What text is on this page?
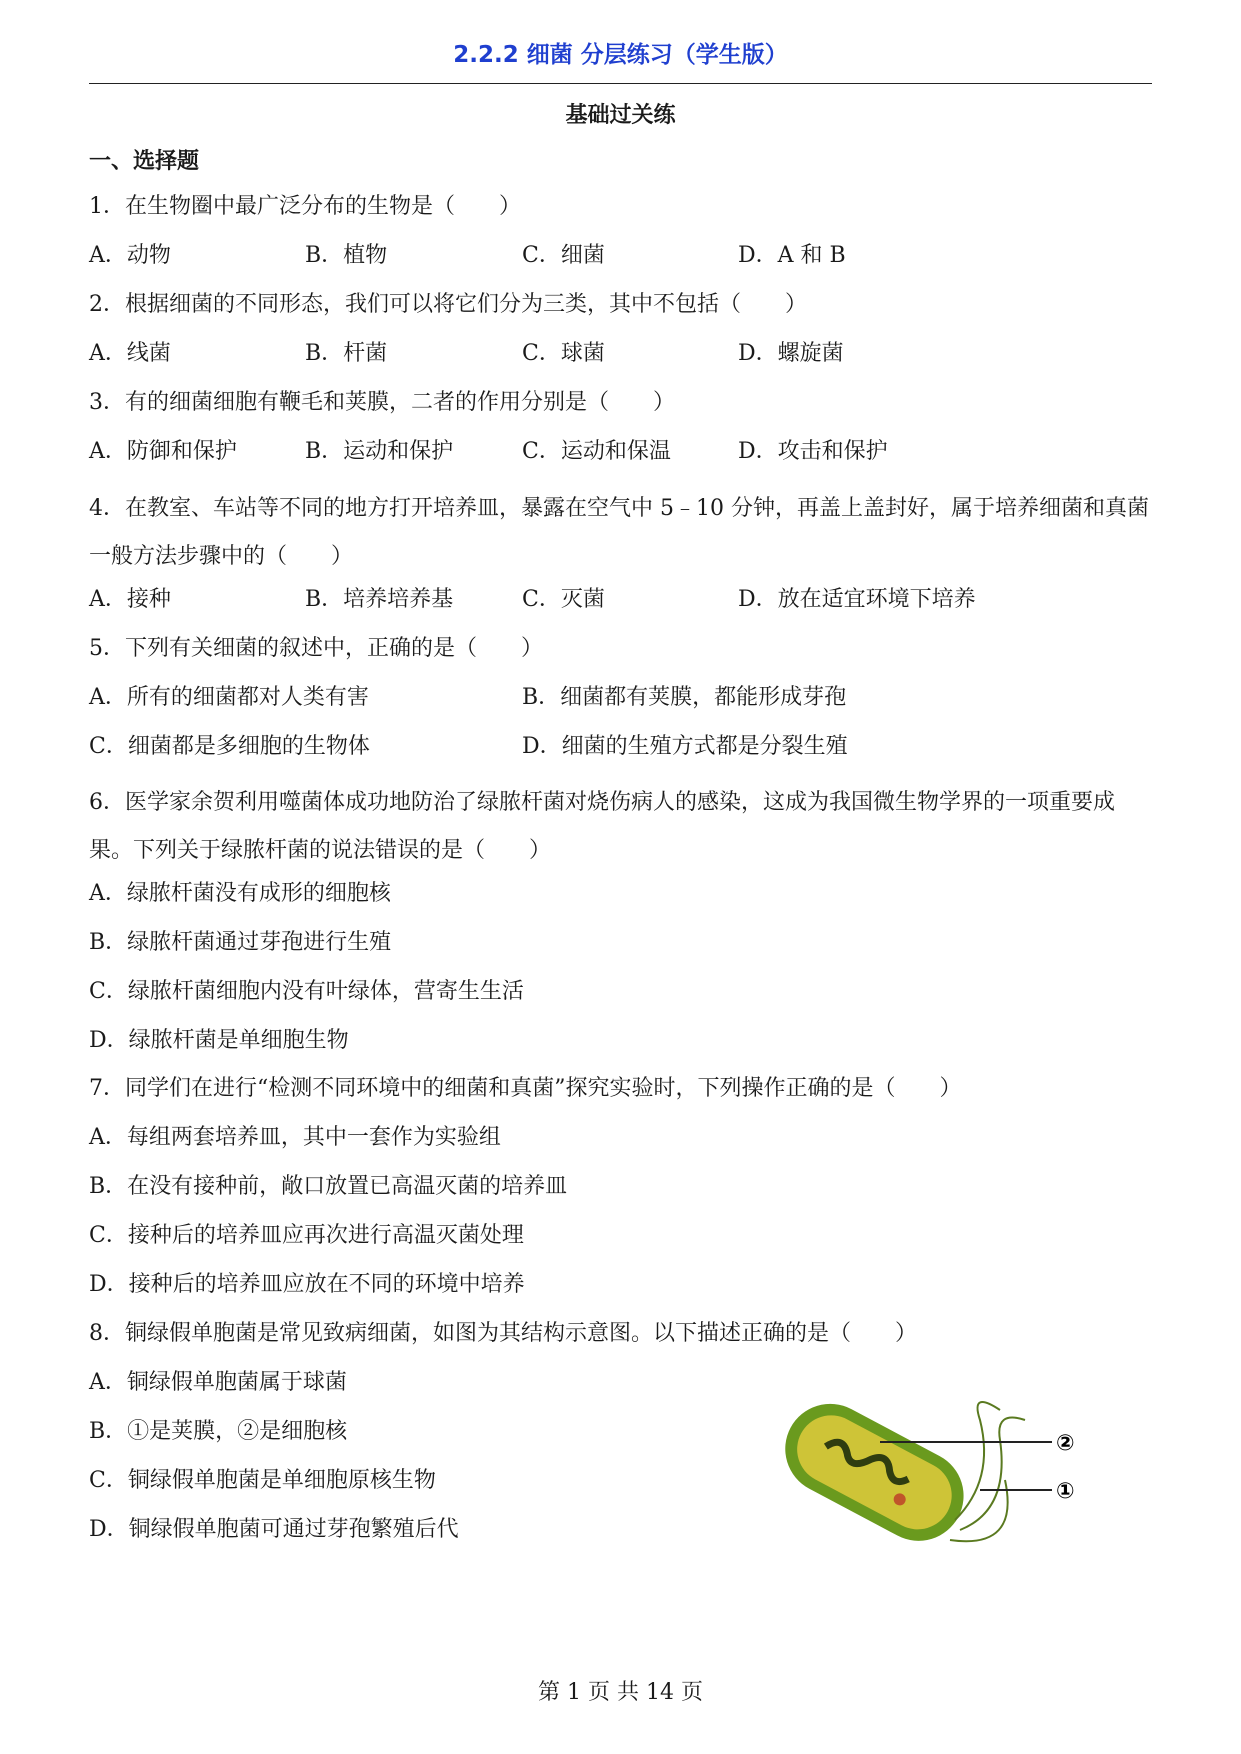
2.2.2 细菌 分层练习（学生版）
基础过关练
一、选择题
1．在生物圈中最广泛分布的生物是（　　）
A．动物	B．植物	C．细菌	D．A 和 B
2．根据细菌的不同形态，我们可以将它们分为三类，其中不包括（　　）
A．线菌	B．杆菌	C．球菌	D．螺旋菌
3．有的细菌细胞有鞭毛和荚膜，二者的作用分别是（　　）
A．防御和保护	B．运动和保护	C．运动和保温	D．攻击和保护
4．在教室、车站等不同的地方打开培养皿，暴露在空气中 5﹣10 分钟，再盖上盖封好，属于培养细菌和真菌一般方法步骤中的（　　）
A．接种	B．培养培养基	C．灭菌	D．放在适宜环境下培养
5．下列有关细菌的叙述中，正确的是（　　）
A．所有的细菌都对人类有害	B．细菌都有荚膜，都能形成芽孢
C．细菌都是多细胞的生物体	D．细菌的生殖方式都是分裂生殖
6．医学家余贺利用噬菌体成功地防治了绿脓杆菌对烧伤病人的感染，这成为我国微生物学界的一项重要成果。下列关于绿脓杆菌的说法错误的是（　　）
A．绿脓杆菌没有成形的细胞核
B．绿脓杆菌通过芽孢进行生殖
C．绿脓杆菌细胞内没有叶绿体，营寄生生活
D．绿脓杆菌是单细胞生物
7．同学们在进行“检测不同环境中的细菌和真菌”探究实验时，下列操作正确的是（　　）
A．每组两套培养皿，其中一套作为实验组
B．在没有接种前，敞口放置已高温灭菌的培养皿
C．接种后的培养皿应再次进行高温灭菌处理
D．接种后的培养皿应放在不同的环境中培养
8．铜绿假单胞菌是常见致病细菌，如图为其结构示意图。以下描述正确的是（　　）
A．铜绿假单胞菌属于球菌
B．①是荚膜，②是细胞核
C．铜绿假单胞菌是单细胞原核生物
D．铜绿假单胞菌可通过芽孢繁殖后代
②
①
第 1 页 共 14 页
